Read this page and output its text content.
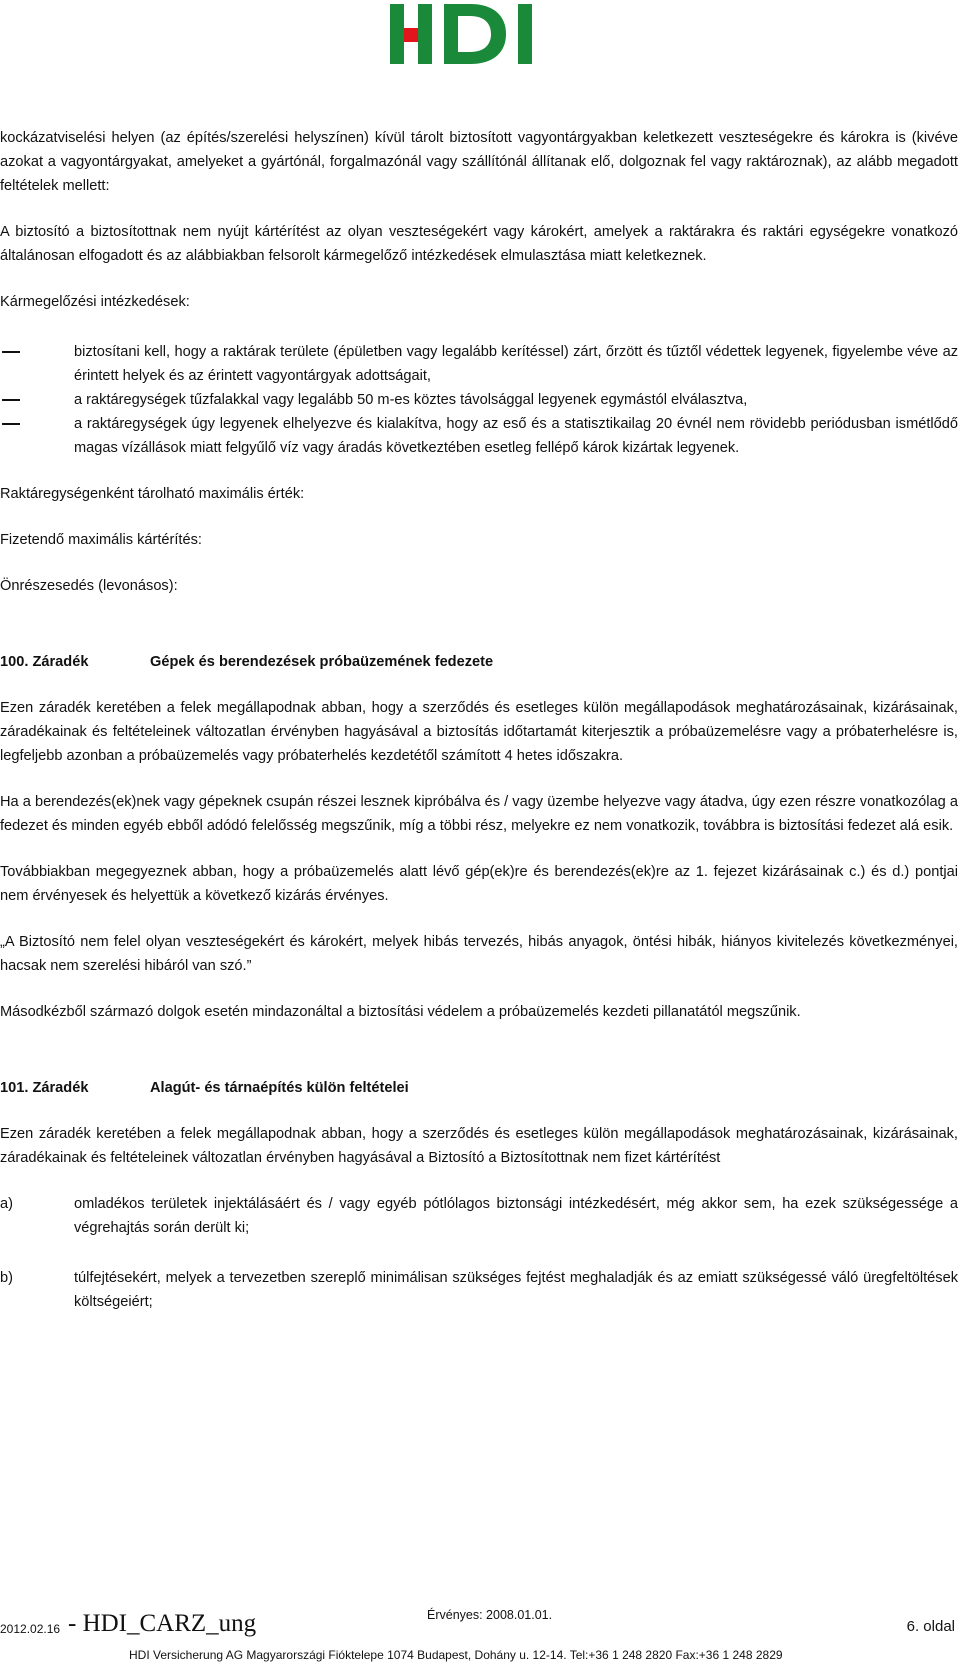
kockázatviselési helyen (az építés/szerelési helyszínen) kívül tárolt biztosított vagyontárgyakban keletkezett veszteségekre és károkra is (kivéve azokat a vagyontárgyakat, amelyeket a gyártónál, forgalmazónál vagy szállítónál állítanak elő, dolgoznak fel vagy raktároznak), az alább megadott feltételek mellett:

A biztosító a biztosítottnak nem nyújt kártérítést az olyan veszteségekért vagy károkért, amelyek a raktárakra és raktári egységekre vonatkozó általánosan elfogadott és az alábbiakban felsorolt kármegelőző intézkedések elmulasztása miatt keletkeznek.

Kármegelőzési intézkedések:

biztosítani kell, hogy a raktárak területe (épületben vagy legalább kerítéssel) zárt, őrzött és tűztől védettek legyenek, figyelembe véve az érintett helyek és az érintett vagyontárgyak adottságait,
a raktáregységek tűzfalakkal vagy legalább 50 m-es köztes távolsággal legyenek egymástól elválasztva,
a raktáregységek úgy legyenek elhelyezve és kialakítva, hogy az eső és a statisztikailag 20 évnél nem rövidebb periódusban ismétlődő magas vízállások miatt felgyűlő víz vagy áradás következtében esetleg fellépő károk kizártak legyenek.

Raktáregységenként tárolható maximális érték:

Fizetendő maximális kártérítés:

Önrészesedés (levonásos):

100. Záradék	Gépek és berendezések próbaüzemének fedezete

Ezen záradék keretében a felek megállapodnak abban, hogy a szerződés és esetleges külön megállapodások meghatározásainak, kizárásainak, záradékainak és feltételeinek változatlan érvényben hagyásával a biztosítás időtartamát kiterjesztik a próbaüzemelésre vagy a próbaterhelésre is, legfeljebb azonban a próbaüzemelés vagy próbaterhelés kezdetétől számított 4 hetes időszakra.

Ha a berendezés(ek)nek vagy gépeknek csupán részei lesznek kipróbálva és / vagy üzembe helyezve vagy átadva, úgy ezen részre vonatkozólag a fedezet és minden egyéb ebből adódó felelősség megszűnik, míg a többi rész, melyekre ez nem vonatkozik, továbbra is biztosítási fedezet alá esik.

Továbbiakban megegyeznek abban, hogy a próbaüzemelés alatt lévő gép(ek)re és berendezés(ek)re az 1. fejezet kizárásainak c.) és d.) pontjai nem érvényesek és helyettük a következő kizárás érvényes.

„A Biztosító nem felel olyan veszteségekért és károkért, melyek hibás tervezés, hibás anyagok, öntési hibák, hiányos kivitelezés következményei, hacsak nem szerelési hibáról van szó.”

Másodkézből származó dolgok esetén mindazonáltal a biztosítási védelem a próbaüzemelés kezdeti pillanatától megszűnik.

101. Záradék	Alagút- és tárnaépítés külön feltételei

Ezen záradék keretében a felek megállapodnak abban, hogy a szerződés és esetleges külön megállapodások meghatározásainak, kizárásainak, záradékainak és feltételeinek változatlan érvényben hagyásával a Biztosító a Biztosítottnak nem fizet kártérítést

a)	omladékos területek injektálásáért és / vagy egyéb pótlólagos biztonsági intézkedésért, még akkor sem, ha ezek szükségessége a végrehajtás során derült ki;
b)	túlfejtésekért, melyek a tervezetben szereplő minimálisan szükséges fejtést meghaladják és az emiatt szükségessé váló üregfeltöltések költségeiért;
2012.02.16 - HDI_CARZ_ung	Érvényes: 2008.01.01.
6. oldal
HDI Versicherung AG Magyarországi Fióktelepe 1074 Budapest, Dohány u. 12-14. Tel:+36 1 248 2820 Fax:+36 1 248 2829
